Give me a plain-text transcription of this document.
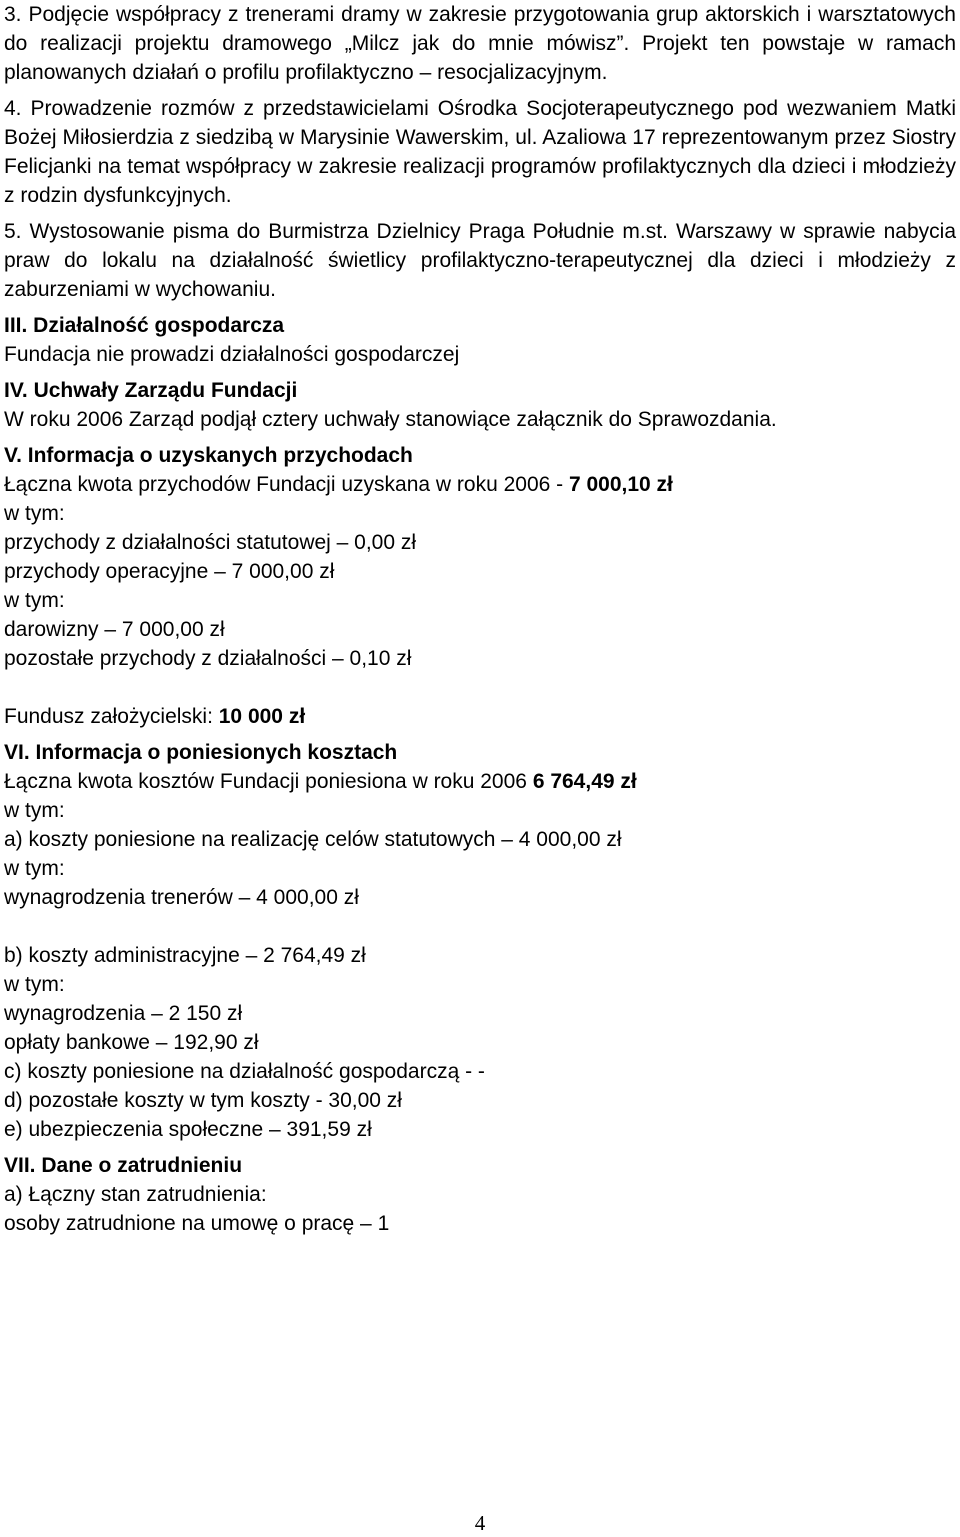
3. Podjęcie współpracy z trenerami dramy w zakresie przygotowania grup aktorskich i warsztatowych do realizacji projektu dramowego „Milcz jak do mnie mówisz”. Projekt ten powstaje w ramach planowanych działań o profilu profilaktyczno – resocjalizacyjnym.

4. Prowadzenie rozmów z przedstawicielami Ośrodka Socjoterapeutycznego pod wezwaniem Matki Bożej Miłosierdzia z siedzibą w Marysinie Wawerskim, ul. Azaliowa 17 reprezentowanym przez Siostry Felicjanki na temat współpracy w zakresie realizacji programów profilaktycznych dla dzieci i młodzieży z rodzin dysfunkcyjnych.

5. Wystosowanie pisma do Burmistrza Dzielnicy Praga Południe m.st. Warszawy w sprawie nabycia praw do lokalu na działalność świetlicy profilaktyczno-terapeutycznej dla dzieci i młodzieży z zaburzeniami w wychowaniu.

III. Działalność gospodarcza

Fundacja nie prowadzi działalności gospodarczej

IV. Uchwały Zarządu Fundacji

W roku 2006 Zarząd podjął cztery uchwały stanowiące załącznik do Sprawozdania.

V. Informacja o uzyskanych przychodach

Łączna kwota przychodów Fundacji uzyskana w roku 2006 - 7 000,10 zł

w tym:

przychody z działalności statutowej – 0,00 zł

przychody operacyjne – 7 000,00 zł

w tym:

darowizny – 7 000,00 zł

pozostałe przychody z działalności – 0,10 zł

Fundusz założycielski: 10 000 zł

VI. Informacja o poniesionych kosztach

Łączna kwota kosztów Fundacji poniesiona w roku 2006 6 764,49 zł

w tym:

a) koszty poniesione na realizację celów statutowych – 4 000,00 zł

w tym:

wynagrodzenia trenerów – 4 000,00 zł

b) koszty administracyjne – 2 764,49 zł

w tym:

wynagrodzenia – 2 150 zł

opłaty bankowe – 192,90 zł

c) koszty poniesione na działalność gospodarczą - -

d) pozostałe koszty w tym koszty - 30,00 zł

e) ubezpieczenia społeczne – 391,59 zł

VII. Dane o zatrudnieniu

a) Łączny stan zatrudnienia:

osoby zatrudnione na umowę o pracę – 1

4
